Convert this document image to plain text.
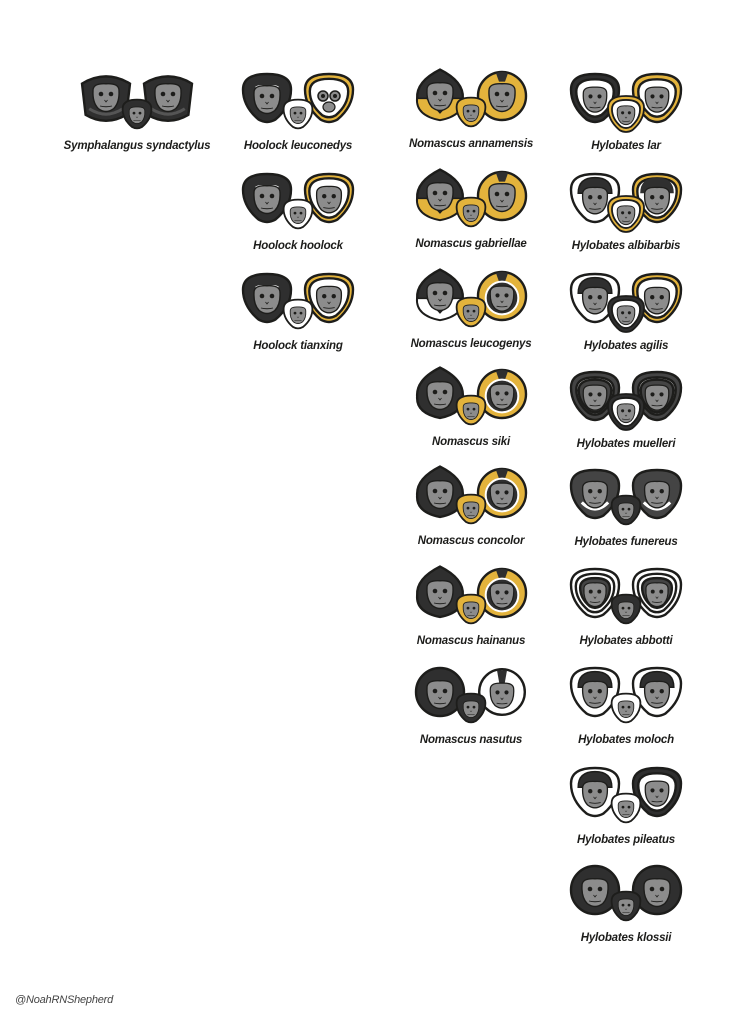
Symphalangus syndactylus	Hoolock leuconedys
Hoolock hoolock
Hoolock tianxing
Nomascus annamensis
Nomascus gabriellae
Nomascus leucogenys
Nomascus siki
Nomascus concolor
Nomascus hainanus
Nomascus nasutus
Hylobates lar
Hylobates albibarbis
Hylobates agilis
Hylobates muelleri
Hylobates funereus
Hylobates abbotti
Hylobates moloch
Hylobates pileatus
Hylobates klossii
@NoahRNShepherd
